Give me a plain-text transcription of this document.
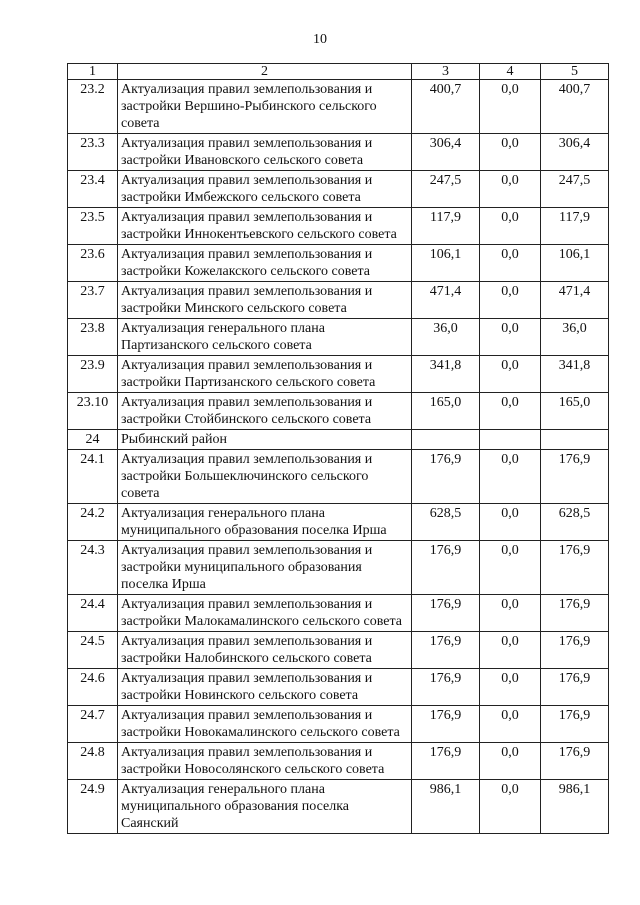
10
1	2	3	4	5
23.2	Актуализация правил землепользования и застройки Вершино-Рыбинского сельского совета	400,7	0,0	400,7
23.3	Актуализация правил землепользования и застройки Ивановского сельского совета	306,4	0,0	306,4
23.4	Актуализация правил землепользования и застройки Имбежского сельского совета	247,5	0,0	247,5
23.5	Актуализация правил землепользования и застройки Иннокентьевского сельского совета	117,9	0,0	117,9
23.6	Актуализация правил землепользования и застройки Кожелакского сельского совета	106,1	0,0	106,1
23.7	Актуализация правил землепользования и застройки Минского сельского совета	471,4	0,0	471,4
23.8	Актуализация генерального плана Партизанского сельского совета	36,0	0,0	36,0
23.9	Актуализация правил землепользования и застройки Партизанского сельского совета	341,8	0,0	341,8
23.10	Актуализация правил землепользования и застройки Стойбинского сельского совета	165,0	0,0	165,0
24	Рыбинский район			
24.1	Актуализация правил землепользования и застройки Большеключинского сельского совета	176,9	0,0	176,9
24.2	Актуализация генерального плана муниципального образования поселка Ирша	628,5	0,0	628,5
24.3	Актуализация правил землепользования и застройки муниципального образования поселка Ирша	176,9	0,0	176,9
24.4	Актуализация правил землепользования и застройки Малокамалинского сельского совета	176,9	0,0	176,9
24.5	Актуализация правил землепользования и застройки Налобинского сельского совета	176,9	0,0	176,9
24.6	Актуализация правил землепользования и застройки Новинского сельского совета	176,9	0,0	176,9
24.7	Актуализация правил землепользования и застройки Новокамалинского сельского совета	176,9	0,0	176,9
24.8	Актуализация правил землепользования и застройки Новосолянского сельского совета	176,9	0,0	176,9
24.9	Актуализация генерального плана муниципального образования поселка Саянский	986,1	0,0	986,1
